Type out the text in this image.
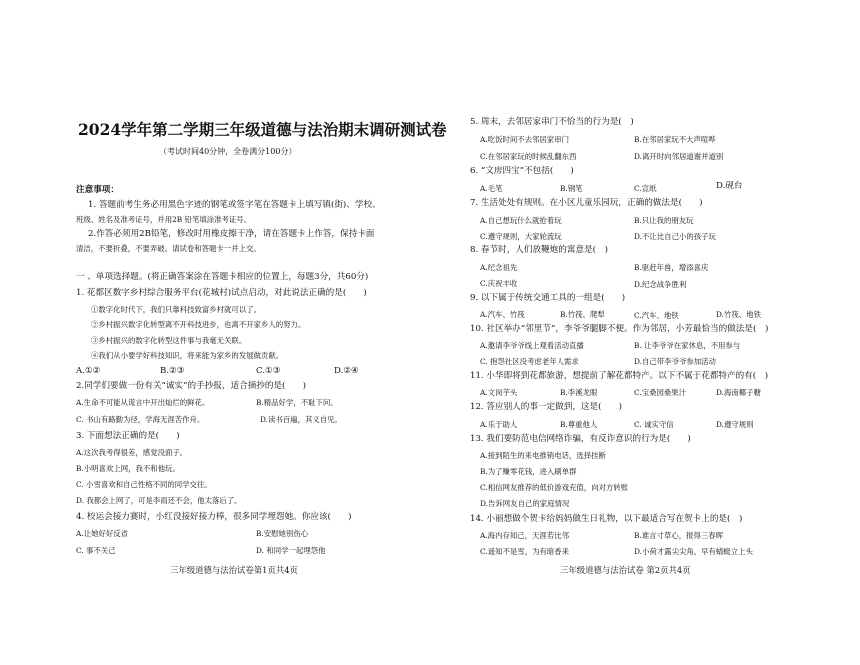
2024学年第二学期三年级道德与法治期末调研测试卷
（考试时间40分钟，全卷满分100分）
注意事项：
1. 答题前考生务必用黑色字迹的钢笔或签字笔在答题卡上填写镇(街)、学校、
班级、姓名及准考证号，并用2B 铅笔填涂准考证号。
2.作答必须用2B铅笔，修改时用橡皮擦干净，请在答题卡上作答，保持卡面
清洁，不要折叠，不要弄破。请试卷和答题卡一并上交。
一 、单项选择题。(将正确答案涂在答题卡相应的位置上，每题3分，共60分)
1. 花都区数字乡村综合服务平台(花城村)试点启动，对此说法正确的是(　　)
①数字化时代下，我们只靠科技致富乡村就可以了。
②乡村振兴数字化转型离不开科技进步，也离不开家乡人的努力。
③乡村振兴的数字化转型这件事与我毫无关联。
④我们从小要学好科技知识，将来能为家乡的发展做贡献。
A.①②	B.②③	C.①③	D.②④
2.同学们要做一份有关“诚实”的手抄报，适合摘抄的是(　　)
A.生命不可能从谎言中开出灿烂的鲜花。	B.精品好学，不耻下问。
C. 书山有路勤为径，学海无涯苦作舟。	D.读书百遍，其义自见。
3. 下面想法正确的是(　　)
A.这次我考得很差，感觉没面子。
B.小明喜欢上网，我不和他玩。
C. 小雪喜欢和自己性格不同的同学交往。
D. 我都会上网了，可是李雨还不会，他太落后了。
4. 校运会接力赛时，小红没接好接力棒，很多同学埋怨她。你应该(　　)
A.让她好好反省	B.安慰她别伤心
C. 事不关己	D. 和同学一起埋怨他
三年级道德与法治试卷第1页共4页
5. 周末，去邻居家串门不恰当的行为是(　)
A.吃饭时间不去邻居家串门	B.在邻居家玩不大声喧哗
C.在邻居家玩的时候乱翻东西	D.离开时向邻居道谢并道别
6. “文房四宝”不包括(　　)
A.毛笔	B.钢笔	C.宣纸	D.砚台
7. 生活处处有规则。在小区儿童乐园玩，正确的做法是(　　)
A.自己想玩什么就抢着玩	B.只让我的朋友玩
C.遵守规则，大家轮流玩	D.不让比自己小的孩子玩
8. 春节时，人们放鞭炮的寓意是(　)
A.纪念祖先	B.驱赶年兽，增添喜庆
C.庆祝丰收	D.纪念战争胜利
9. 以下属于传统交通工具的一组是(　　)
A.汽车、竹筏	B.竹筏、爬犁	C.汽车、地铁	D.竹筏、地铁
10. 社区举办“邻里节”，李爷爷腿脚不便。作为邻居，小芳最恰当的做法是(　)
A.邀请李爷爷线上观看活动直播	B. 让李爷爷在家休息，不用参与
C. 抱怨社区没考虑老年人需求	D.自己带李爷爷参加活动
11. 小华即将到花都旅游，想提前了解花都特产。以下不属于花都特产的有(　)
A.文岗芋头	B.李溪龙眼	C.宝桑园桑果汁	D.海南椰子糖
12. 答应别人的事一定做到，这是(　　)
A.乐于助人	B.尊重他人	C. 诚实守信	D.遵守规则
13. 我们要防范电信网络诈骗，有反诈意识的行为是(　　)
A.接到陌生的来电推销电话，选择挂断
B.为了赚零花钱，进入刷单群
C.相信网友推荐的低价游戏充值，向对方转账
D.告诉网友自己的家庭情况
14. 小丽想做个贺卡给妈妈做生日礼物，以下最适合写在贺卡上的是(　)
A.海内存知己，天涯若比邻	B.谁言寸草心，报得三春晖
C.遥知不是雪，为有暗香来	D.小荷才露尖尖角，早有蜻蜓立上头
三年级道德与法治试卷 第2页共4页
